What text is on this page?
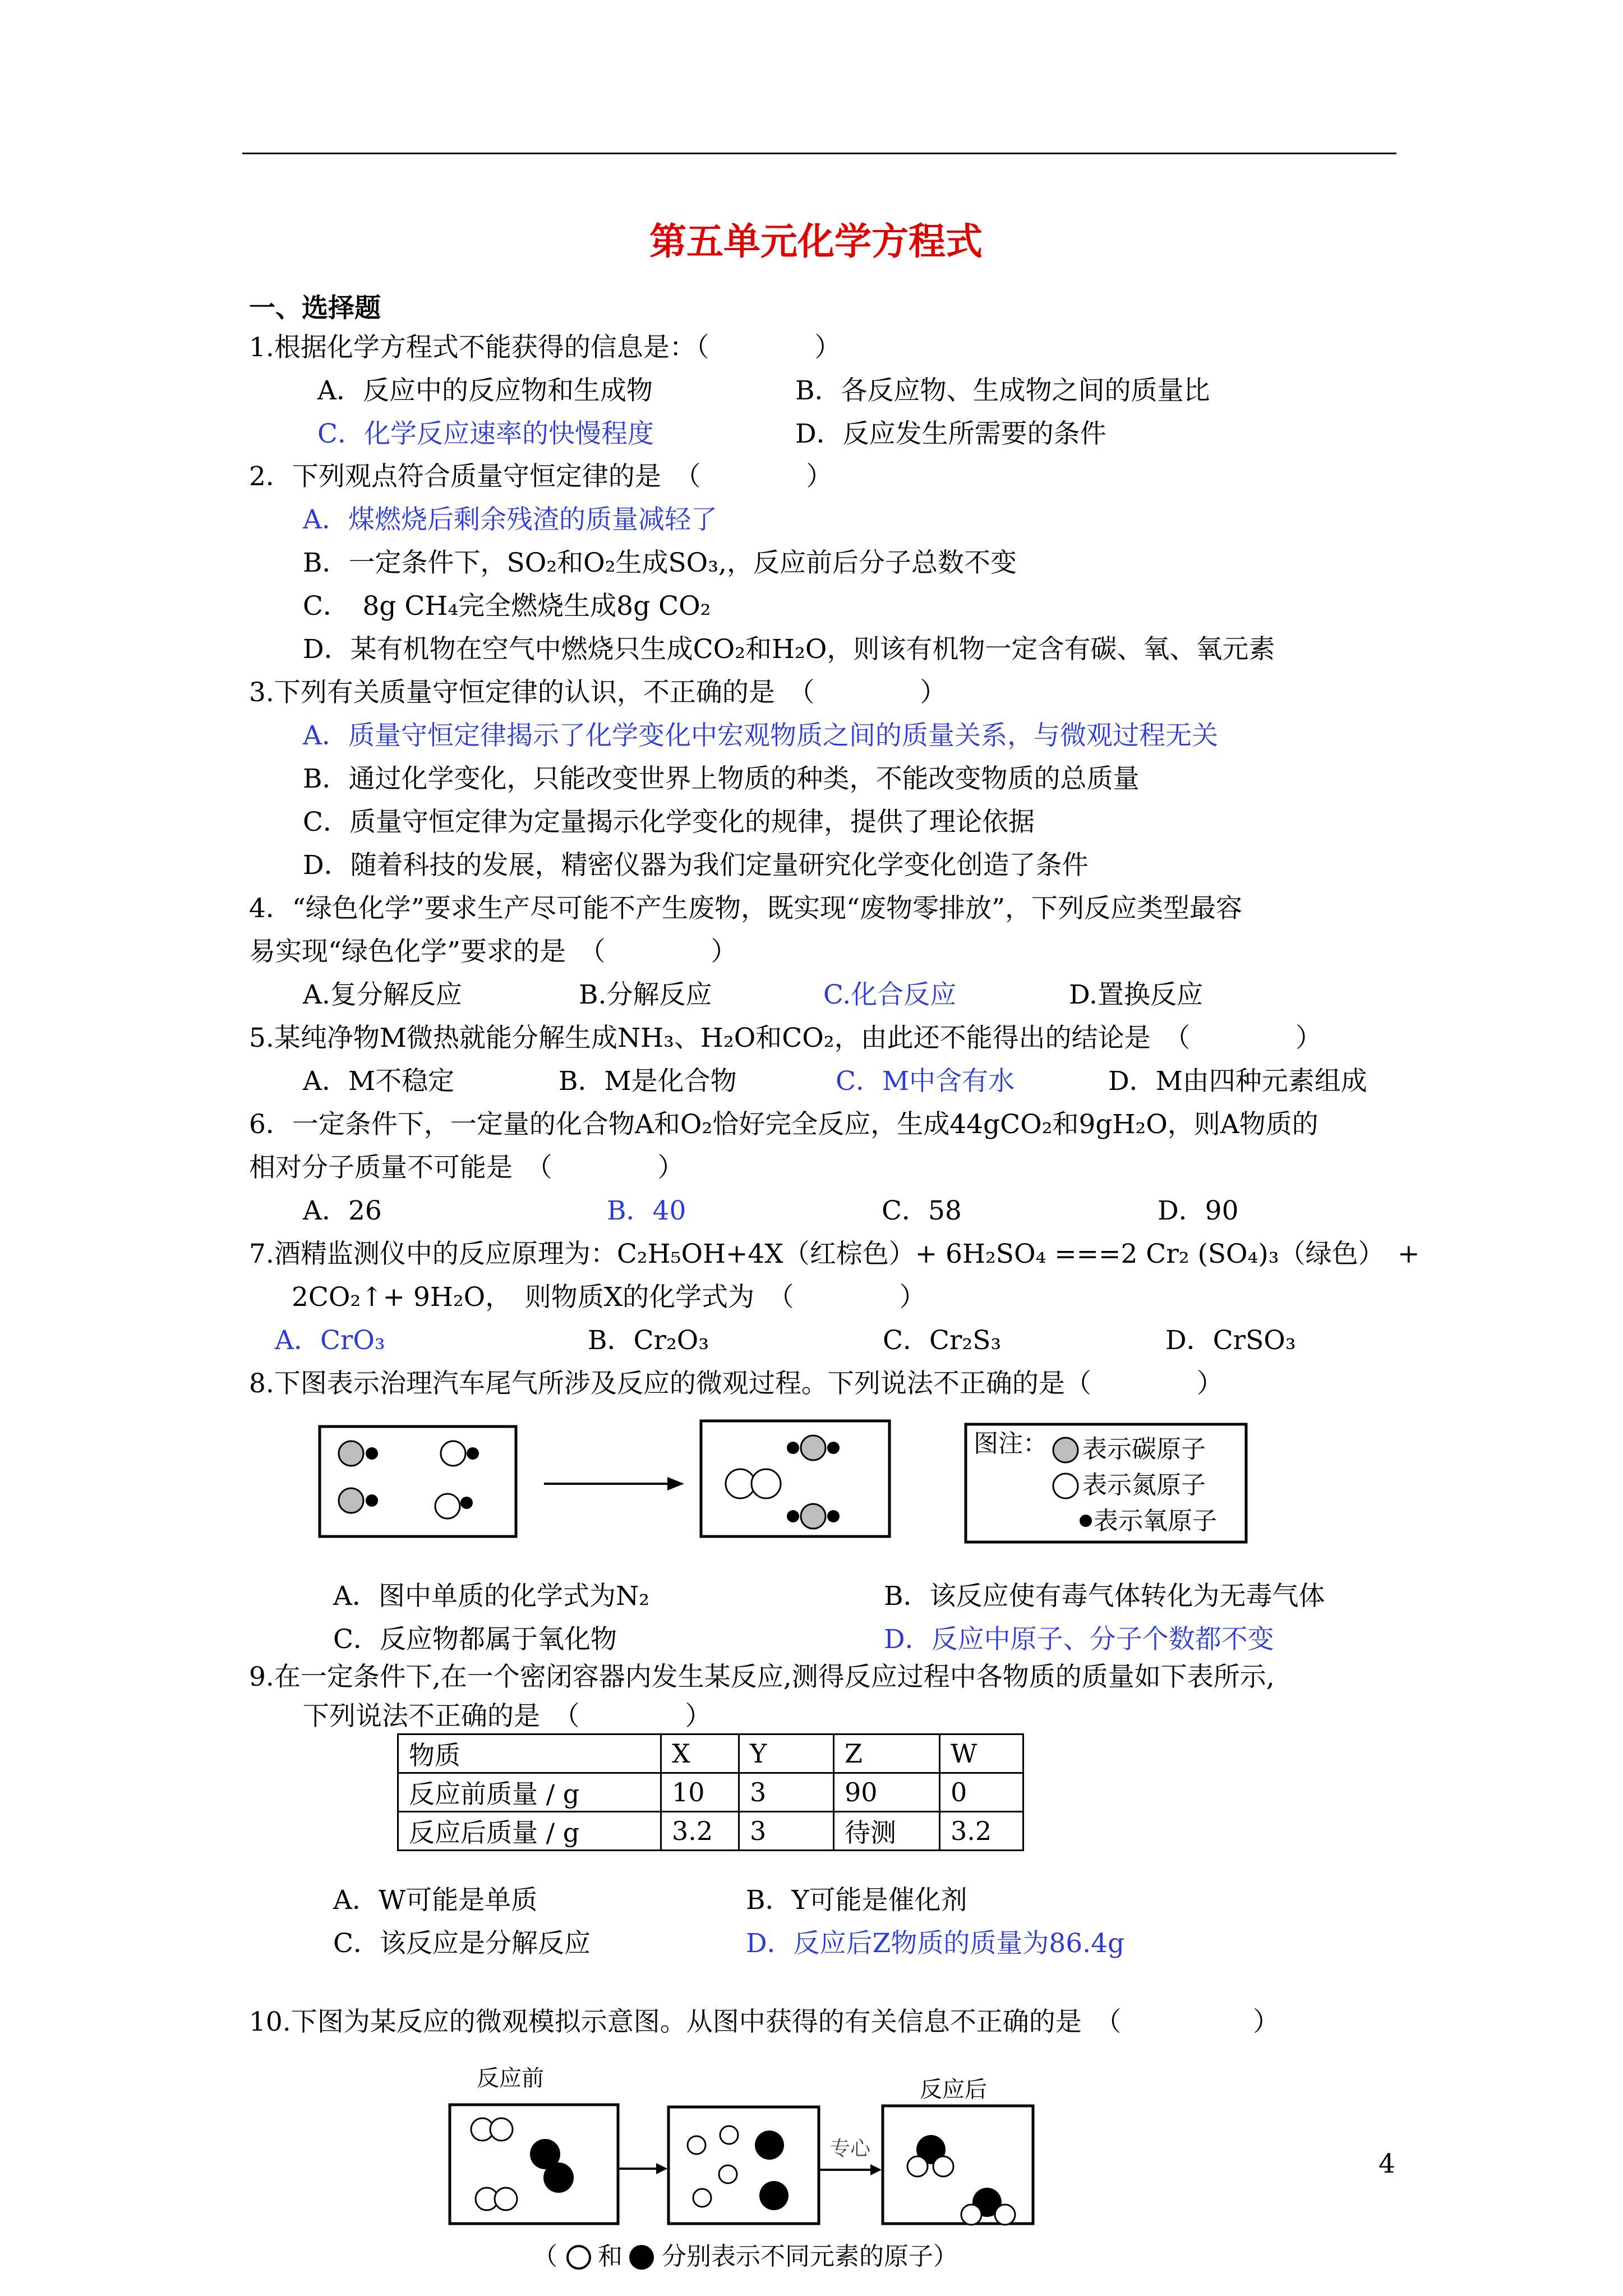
第五单元化学方程式
一、选择题
1.根据化学方程式不能获得的信息是：（　　　　）
A．反应中的反应物和生成物	B．各反应物、生成物之间的质量比
C．化学反应速率的快慢程度	D．反应发生所需要的条件
2．下列观点符合质量守恒定律的是　（　　　　）
A．煤燃烧后剩余残渣的质量减轻了
B．一定条件下，SO₂和O₂生成SO₃,，反应前后分子总数不变
C．　8g CH₄完全燃烧生成8g CO₂
D．某有机物在空气中燃烧只生成CO₂和H₂O，则该有机物一定含有碳、氧、氧元素
3.下列有关质量守恒定律的认识，不正确的是　（　　　　）
A．质量守恒定律揭示了化学变化中宏观物质之间的质量关系，与微观过程无关
B．通过化学变化，只能改变世界上物质的种类，不能改变物质的总质量
C．质量守恒定律为定量揭示化学变化的规律，提供了理论依据
D．随着科技的发展，精密仪器为我们定量研究化学变化创造了条件
4．“绿色化学”要求生产尽可能不产生废物，既实现“废物零排放”，下列反应类型最容
易实现“绿色化学”要求的是　（　　　　）
A.复分解反应	B.分解反应	C.化合反应	D.置换反应
5.某纯净物M微热就能分解生成NH₃、H₂O和CO₂，由此还不能得出的结论是　（　　　　）
A．M不稳定	B．M是化合物	C．M中含有水	D．M由四种元素组成
6．一定条件下，一定量的化合物A和O₂恰好完全反应，生成44gCO₂和9gH₂O，则A物质的
相对分子质量不可能是　（　　　　）
A．26	B．40	C．58	D．90
7.酒精监测仪中的反应原理为：C₂H₅OH+4X（红棕色）+ 6H₂SO₄ ===2 Cr₂ (SO₄)₃（绿色）　+
2CO₂↑+ 9H₂O，　则物质X的化学式为　（　　　　）
A．CrO₃	B．Cr₂O₃	C．Cr₂S₃	D．CrSO₃
8.下图表示治理汽车尾气所涉及反应的微观过程。下列说法不正确的是（　　　　）
图注： 表示碳原子
表示氮原子
表示氧原子
A．图中单质的化学式为N₂	B．该反应使有毒气体转化为无毒气体
C．反应物都属于氧化物	D．反应中原子、分子个数都不变
9.在一定条件下,在一个密闭容器内发生某反应,测得反应过程中各物质的质量如下表所示,
下列说法不正确的是　（　　　　）
物质	X	Y	Z	W
反应前质量 / g	10	3	90	0
反应后质量 / g	3.2	3	待测	3.2
A．W可能是单质	B．Y可能是催化剂
C．该反应是分解反应	D．反应后Z物质的质量为86.4g
10.下图为某反应的微观模拟示意图。从图中获得的有关信息不正确的是　（　　　　　）
反应前	反应后
专心
（ 和 分别表示不同元素的原子）
4
